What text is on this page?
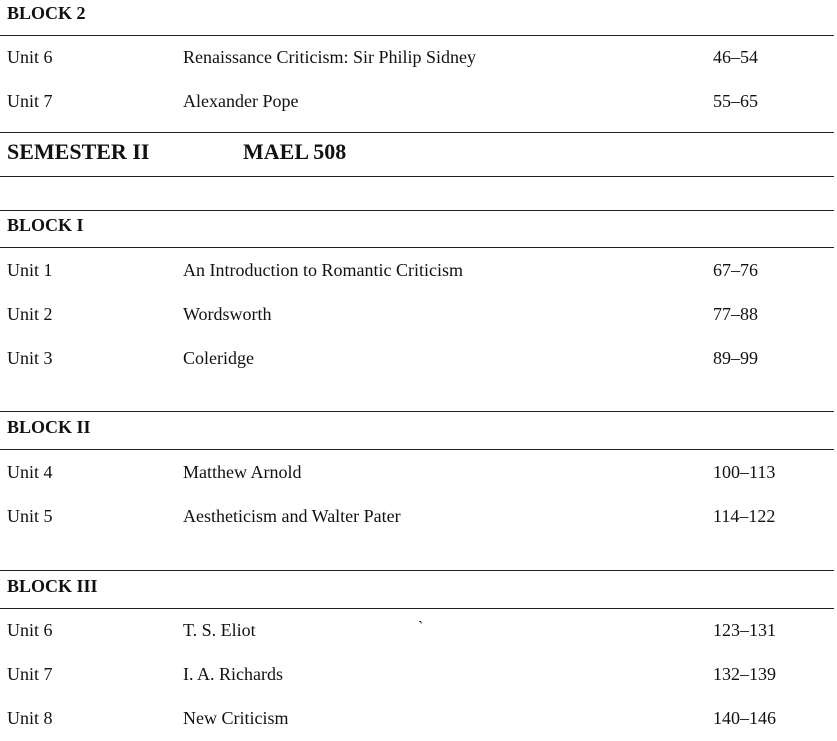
BLOCK 2
Unit 6	Renaissance Criticism: Sir Philip Sidney	46–54
Unit 7	Alexander Pope	55–65
SEMESTER II	MAEL 508
BLOCK I
Unit 1	An Introduction to Romantic Criticism	67–76
Unit 2	Wordsworth	77–88
Unit 3	Coleridge	89–99
BLOCK II
Unit 4	Matthew Arnold	100–113
Unit 5	Aestheticism and Walter Pater	114–122
BLOCK III
Unit 6	T. S. Eliot	123–131
`
Unit 7	I. A. Richards	132–139
Unit 8	New Criticism	140–146
